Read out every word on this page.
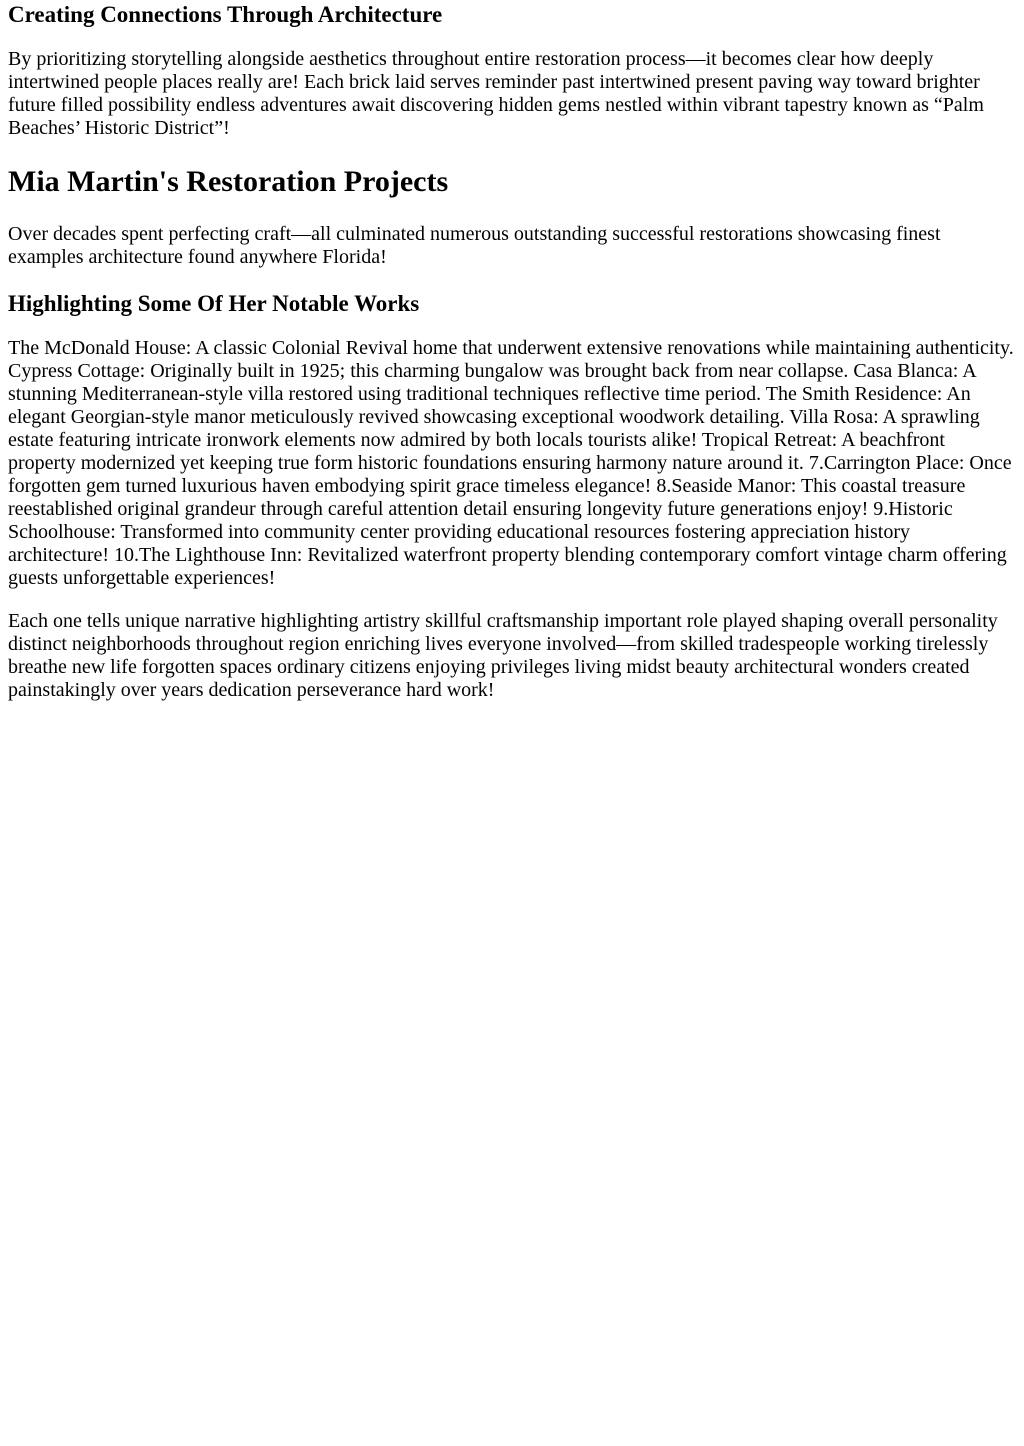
Creating Connections Through Architecture

By prioritizing storytelling alongside aesthetics throughout entire restoration process—it becomes clear how deeply intertwined people places really are! Each brick laid serves reminder past intertwined present paving way toward brighter future filled possibility endless adventures await discovering hidden gems nestled within vibrant tapestry known as “Palm Beaches’ Historic District”!

Mia Martin's Restoration Projects

Over decades spent perfecting craft—all culminated numerous outstanding successful restorations showcasing finest examples architecture found anywhere Florida!

Highlighting Some Of Her Notable Works

The McDonald House: A classic Colonial Revival home that underwent extensive renovations while maintaining authenticity. Cypress Cottage: Originally built in 1925; this charming bungalow was brought back from near collapse. Casa Blanca: A stunning Mediterranean-style villa restored using traditional techniques reflective time period. The Smith Residence: An elegant Georgian-style manor meticulously revived showcasing exceptional woodwork detailing. Villa Rosa: A sprawling estate featuring intricate ironwork elements now admired by both locals tourists alike! Tropical Retreat: A beachfront property modernized yet keeping true form historic foundations ensuring harmony nature around it. 7.Carrington Place: Once forgotten gem turned luxurious haven embodying spirit grace timeless elegance! 8.Seaside Manor: This coastal treasure reestablished original grandeur through careful attention detail ensuring longevity future generations enjoy! 9.Historic Schoolhouse: Transformed into community center providing educational resources fostering appreciation history architecture! 10.The Lighthouse Inn: Revitalized waterfront property blending contemporary comfort vintage charm offering guests unforgettable experiences!

Each one tells unique narrative highlighting artistry skillful craftsmanship important role played shaping overall personality distinct neighborhoods throughout region enriching lives everyone involved—from skilled tradespeople working tirelessly breathe new life forgotten spaces ordinary citizens enjoying privileges living midst beauty architectural wonders created painstakingly over years dedication perseverance hard work!
